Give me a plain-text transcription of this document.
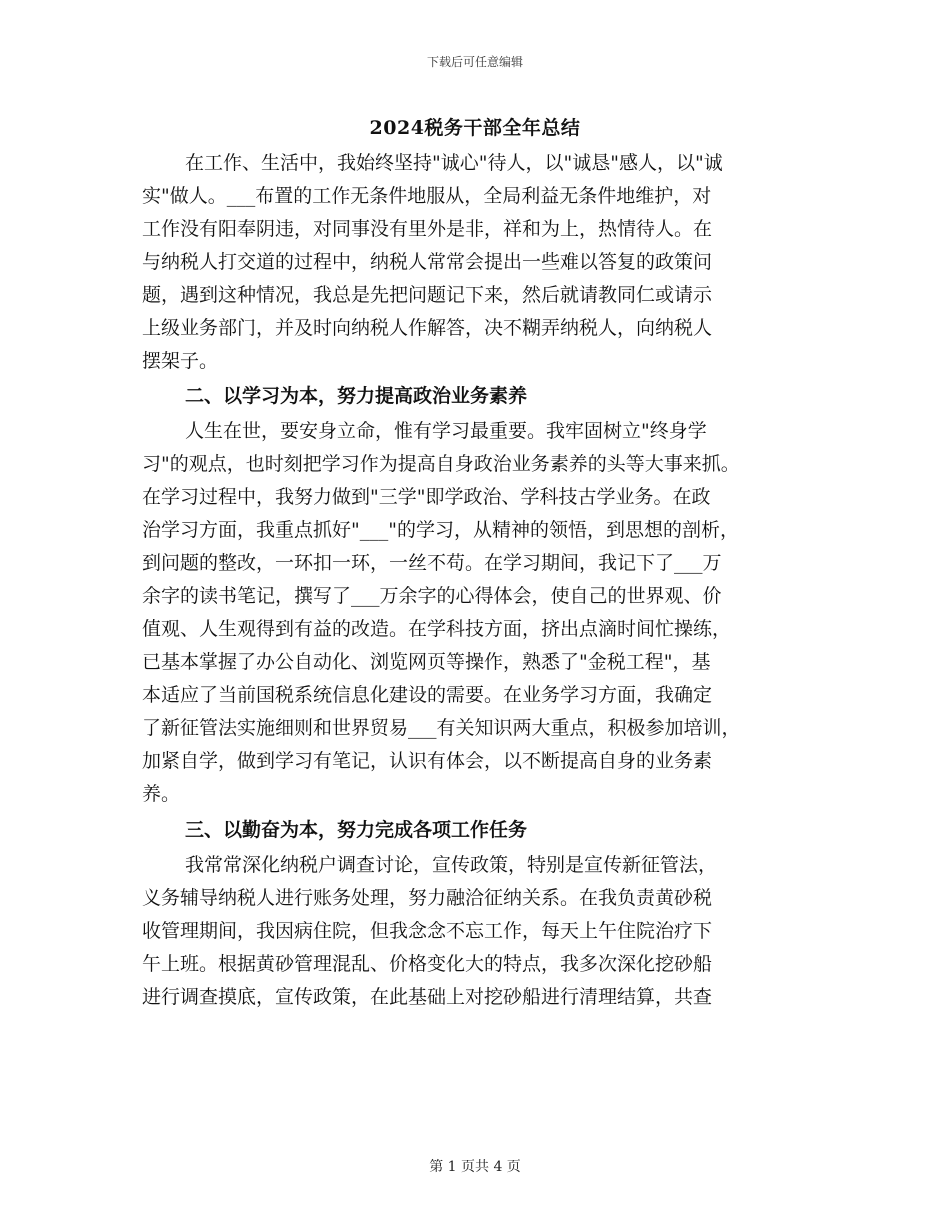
下载后可任意编辑
2024税务干部全年总结
在工作、生活中，我始终坚持"诚心"待人，以"诚恳"感人，以"诚
实"做人。___布置的工作无条件地服从，全局利益无条件地维护，对
工作没有阳奉阴违，对同事没有里外是非，祥和为上，热情待人。在
与纳税人打交道的过程中，纳税人常常会提出一些难以答复的政策问
题，遇到这种情况，我总是先把问题记下来，然后就请教同仁或请示
上级业务部门，并及时向纳税人作解答，决不糊弄纳税人，向纳税人
摆架子。
二、以学习为本，努力提高政治业务素养
人生在世，要安身立命，惟有学习最重要。我牢固树立"终身学
习"的观点，也时刻把学习作为提高自身政治业务素养的头等大事来抓。
在学习过程中，我努力做到"三学"即学政治、学科技古学业务。在政
治学习方面，我重点抓好"___"的学习，从精神的领悟，到思想的剖析，
到问题的整改，一环扣一环，一丝不苟。在学习期间，我记下了___万
余字的读书笔记，撰写了___万余字的心得体会，使自己的世界观、价
值观、人生观得到有益的改造。在学科技方面，挤出点滴时间忙操练，
已基本掌握了办公自动化、浏览网页等操作，熟悉了"金税工程"，基
本适应了当前国税系统信息化建设的需要。在业务学习方面，我确定
了新征管法实施细则和世界贸易___有关知识两大重点，积极参加培训，
加紧自学，做到学习有笔记，认识有体会，以不断提高自身的业务素
养。
三、以勤奋为本，努力完成各项工作任务
我常常深化纳税户调查讨论，宣传政策，特别是宣传新征管法，
义务辅导纳税人进行账务处理，努力融洽征纳关系。在我负责黄砂税
收管理期间，我因病住院，但我念念不忘工作，每天上午住院治疗下
午上班。根据黄砂管理混乱、价格变化大的特点，我多次深化挖砂船
进行调查摸底，宣传政策，在此基础上对挖砂船进行清理结算，共查
第 1 页共 4 页
